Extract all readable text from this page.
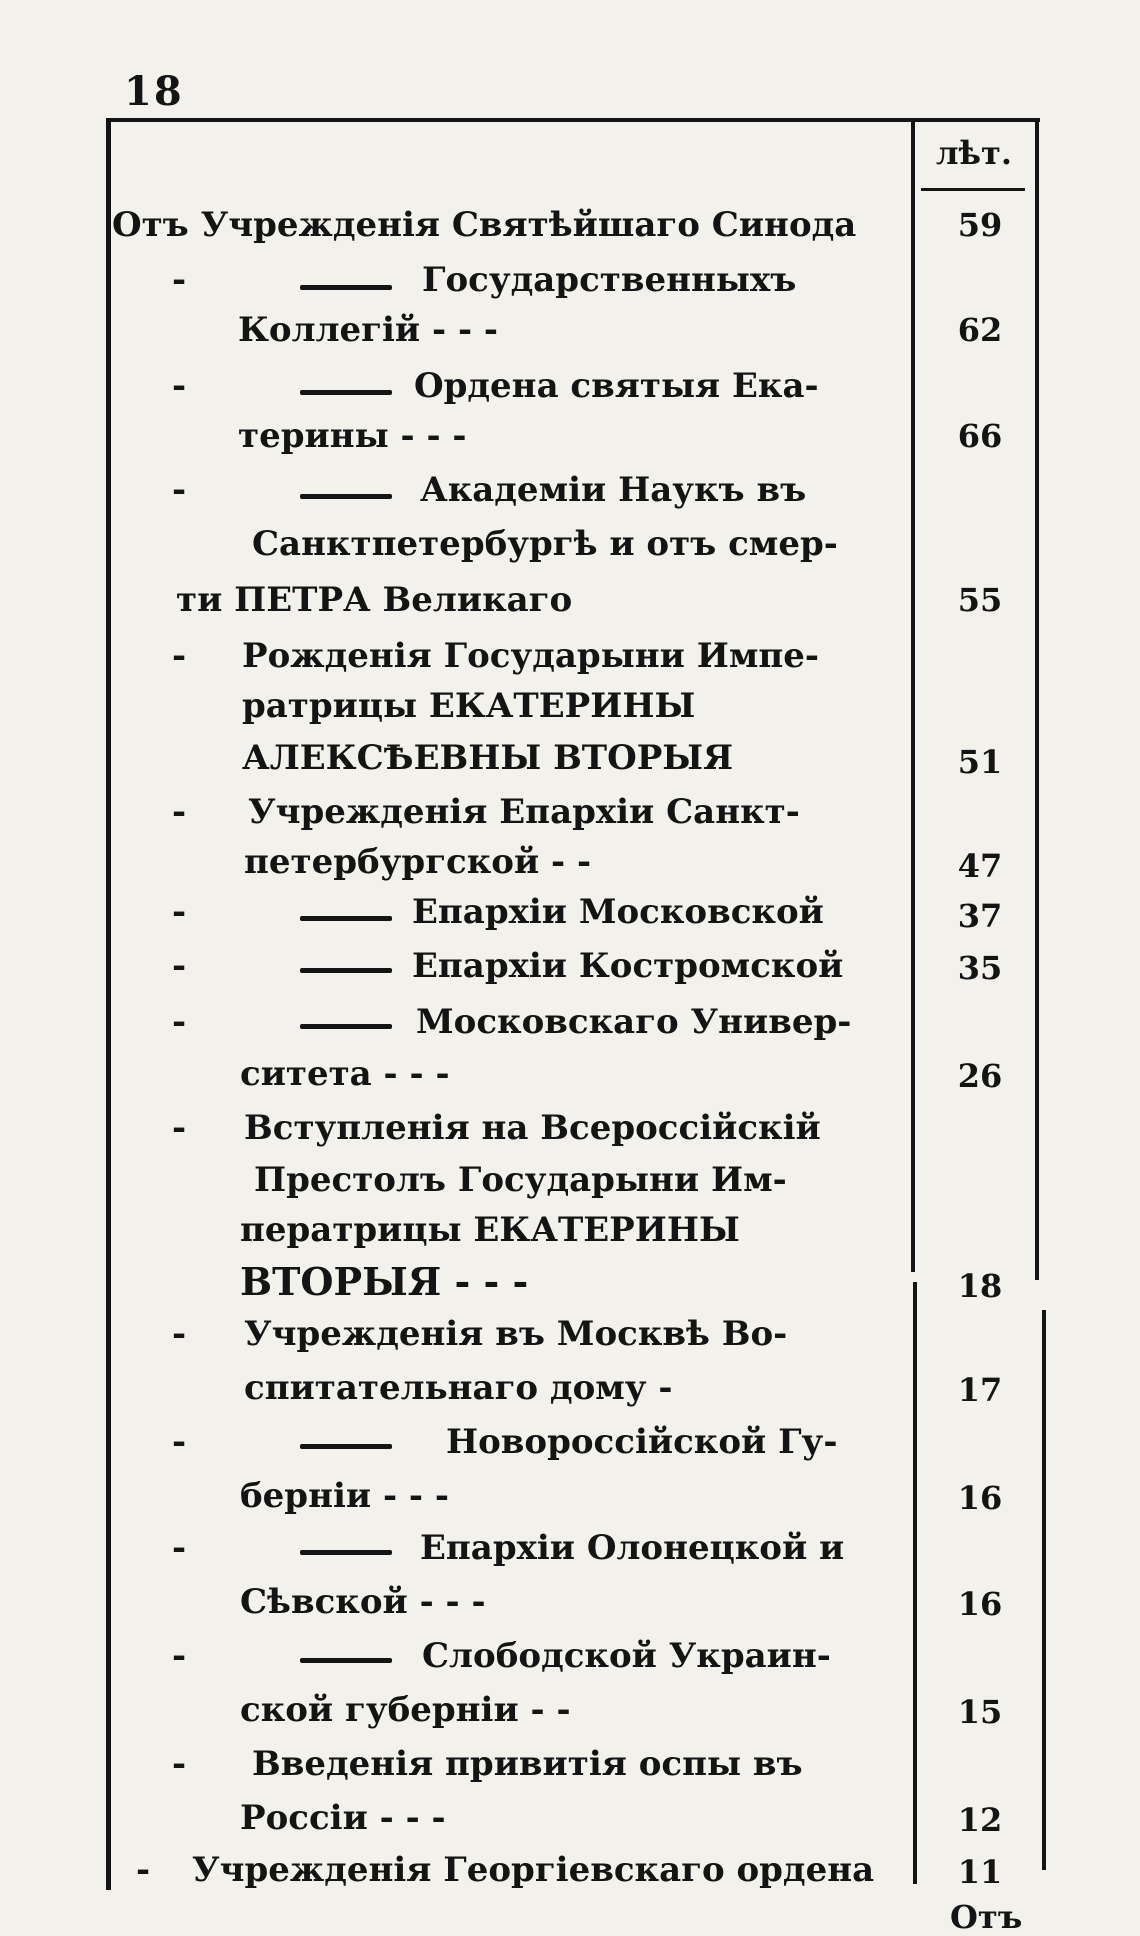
18
лѣт.
Отъ Учрежденія Святѣйшаго Синода	59
-	Государственныхъ
Коллегій - - -	62
-	Ордена святыя Ека-
терины - - -	66
-	Академіи Наукъ въ
Санктпетербургѣ и отъ смер-
ти ПЕТРА Великаго	55
- Рожденія Государыни Импе-
ратрицы ЕКАТЕРИНЫ
АЛЕКСѢЕВНЫ ВТОРЫЯ	51
- Учрежденія Епархіи Санкт-
петербургской - -	47
-	Епархіи Московской	37
-	Епархіи Костромской	35
-	Московскаго Универ-
ситета - - -	26
- Вступленія на Всероссійскій
Престолъ Государыни Им-
ператрицы ЕКАТЕРИНЫ
ВТОРЫЯ - - -	18
- Учрежденія въ Москвѣ Во-
спитательнаго дому -	17
-	Новороссійской Гу-
берніи - - -	16
-	Епархіи Олонецкой и
Сѣвской - - -	16
-	Слободской Украин-
ской губерніи - -	15
- Введенія привитія оспы въ
Россіи - - -	12
- Учрежденія Георгіевскаго ордена	11
Отъ
